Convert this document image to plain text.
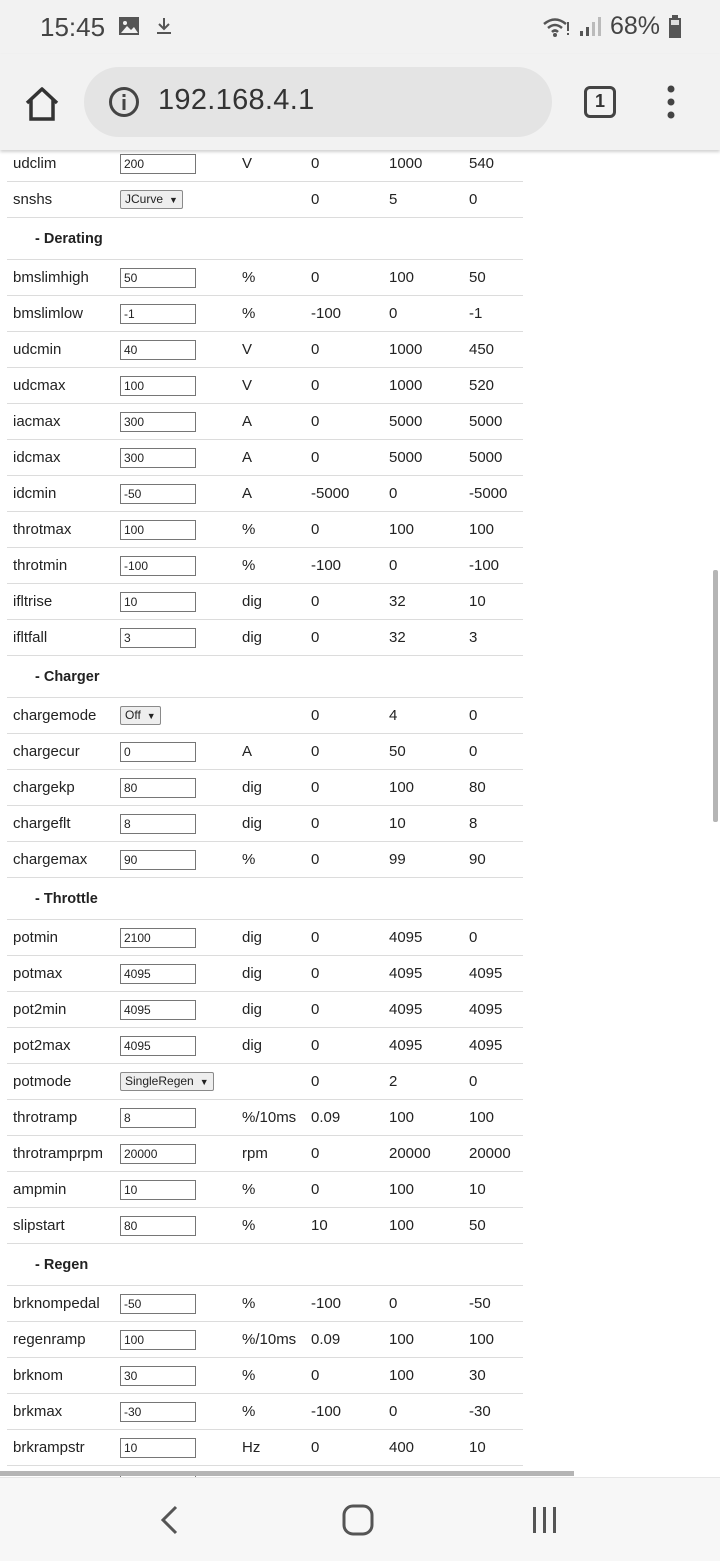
15:45	68%
192.168.4.1	1
udclim	200	V	0	1000	540
snshs	JCurve ▼		0	5	0
- Derating					
bmslimhigh	50	%	0	100	50
bmslimlow	-1	%	-100	0	-1
udcmin	40	V	0	1000	450
udcmax	100	V	0	1000	520
iacmax	300	A	0	5000	5000
idcmax	300	A	0	5000	5000
idcmin	-50	A	-5000	0	-5000
throtmax	100	%	0	100	100
throtmin	-100	%	-100	0	-100
ifltrise	10	dig	0	32	10
ifltfall	3	dig	0	32	3
- Charger					
chargemode	Off ▼		0	4	0
chargecur	0	A	0	50	0
chargekp	80	dig	0	100	80
chargeflt	8	dig	0	10	8
chargemax	90	%	0	99	90
- Throttle					
potmin	2100	dig	0	4095	0
potmax	4095	dig	0	4095	4095
pot2min	4095	dig	0	4095	4095
pot2max	4095	dig	0	4095	4095
potmode	SingleRegen ▼		0	2	0
throtramp	8	%/10ms	0.09	100	100
throtramprpm	20000	rpm	0	20000	20000
ampmin	10	%	0	100	10
slipstart	80	%	10	100	50
- Regen					
brknompedal	-50	%	-100	0	-50
regenramp	100	%/10ms	0.09	100	100
brknom	30	%	0	100	30
brkmax	-30	%	-100	0	-30
brkrampstr	10	Hz	0	400	10
